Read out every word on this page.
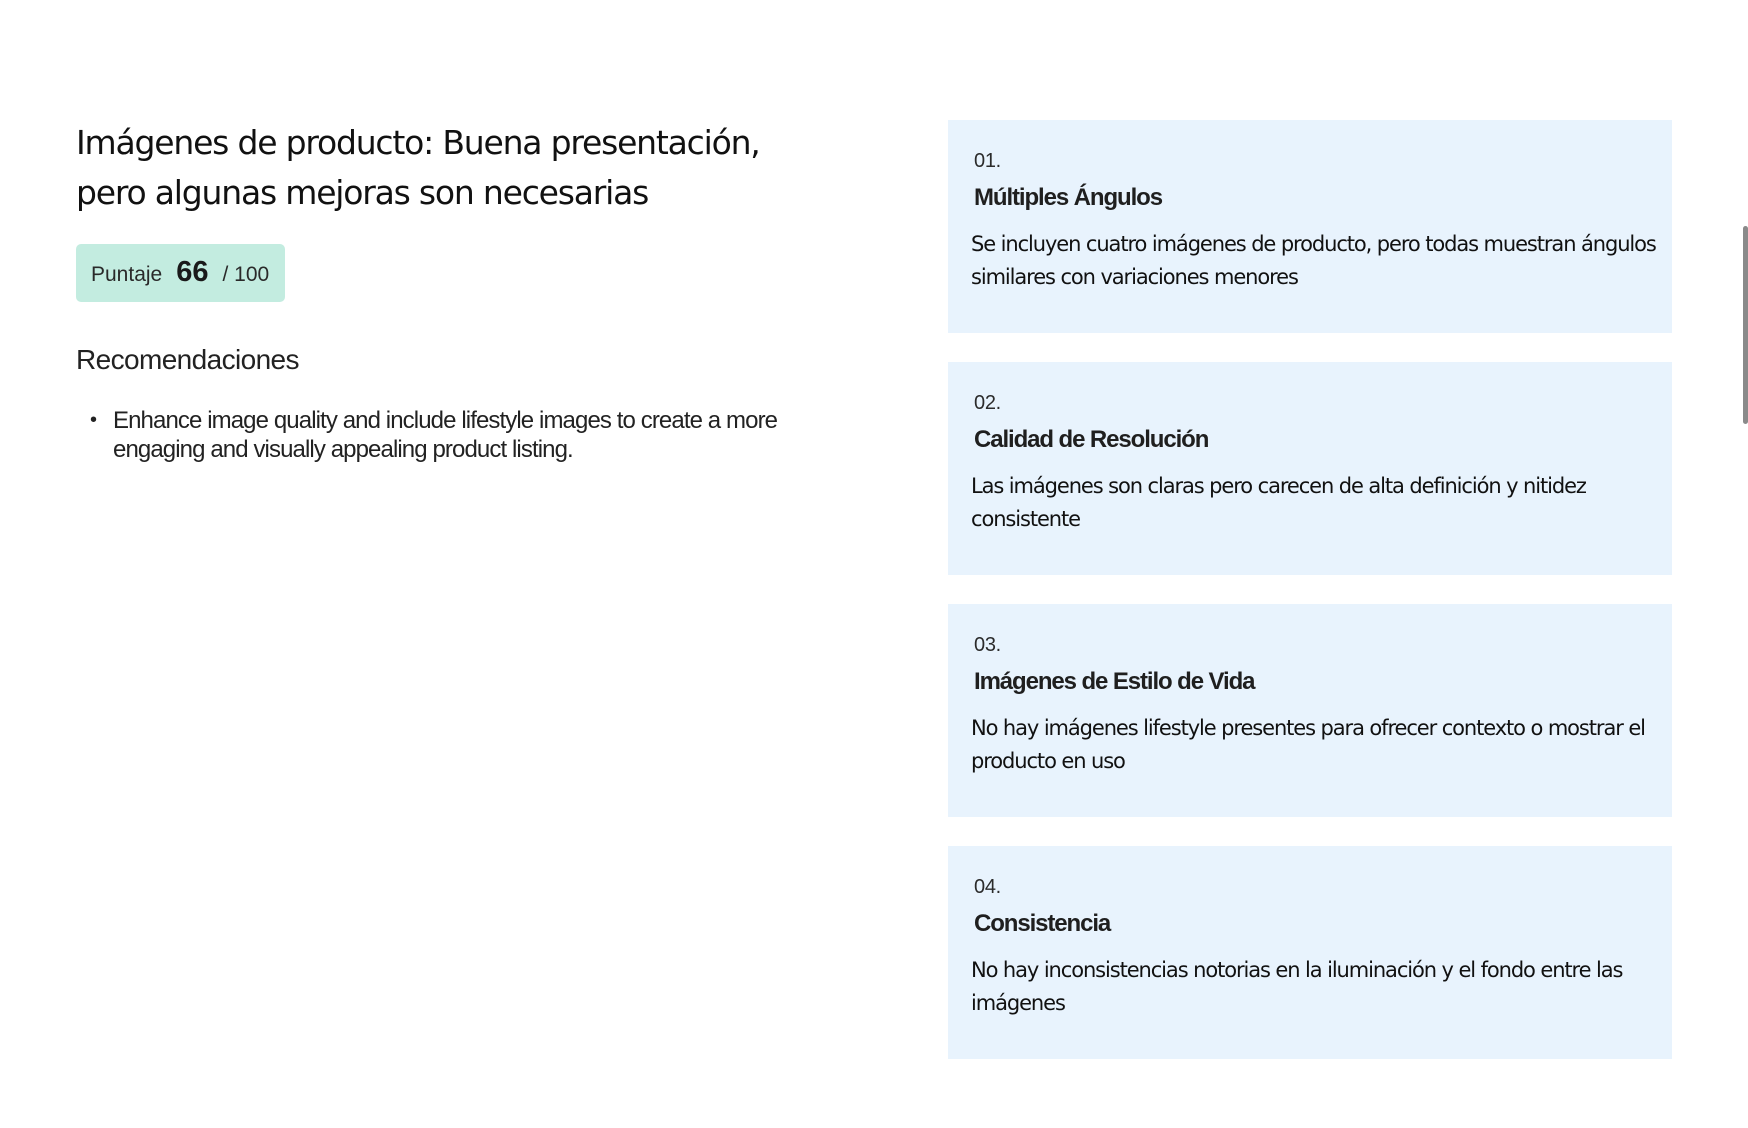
Imágenes de producto: Buena presentación, pero algunas mejoras son necesarias
Puntaje 66 / 100
Recomendaciones
• Enhance image quality and include lifestyle images to create a more engaging and visually appealing product listing.
01.
Múltiples Ángulos
Se incluyen cuatro imágenes de producto, pero todas muestran ángulos similares con variaciones menores
02.
Calidad de Resolución
Las imágenes son claras pero carecen de alta definición y nitidez consistente
03.
Imágenes de Estilo de Vida
No hay imágenes lifestyle presentes para ofrecer contexto o mostrar el producto en uso
04.
Consistencia
No hay inconsistencias notorias en la iluminación y el fondo entre las imágenes
